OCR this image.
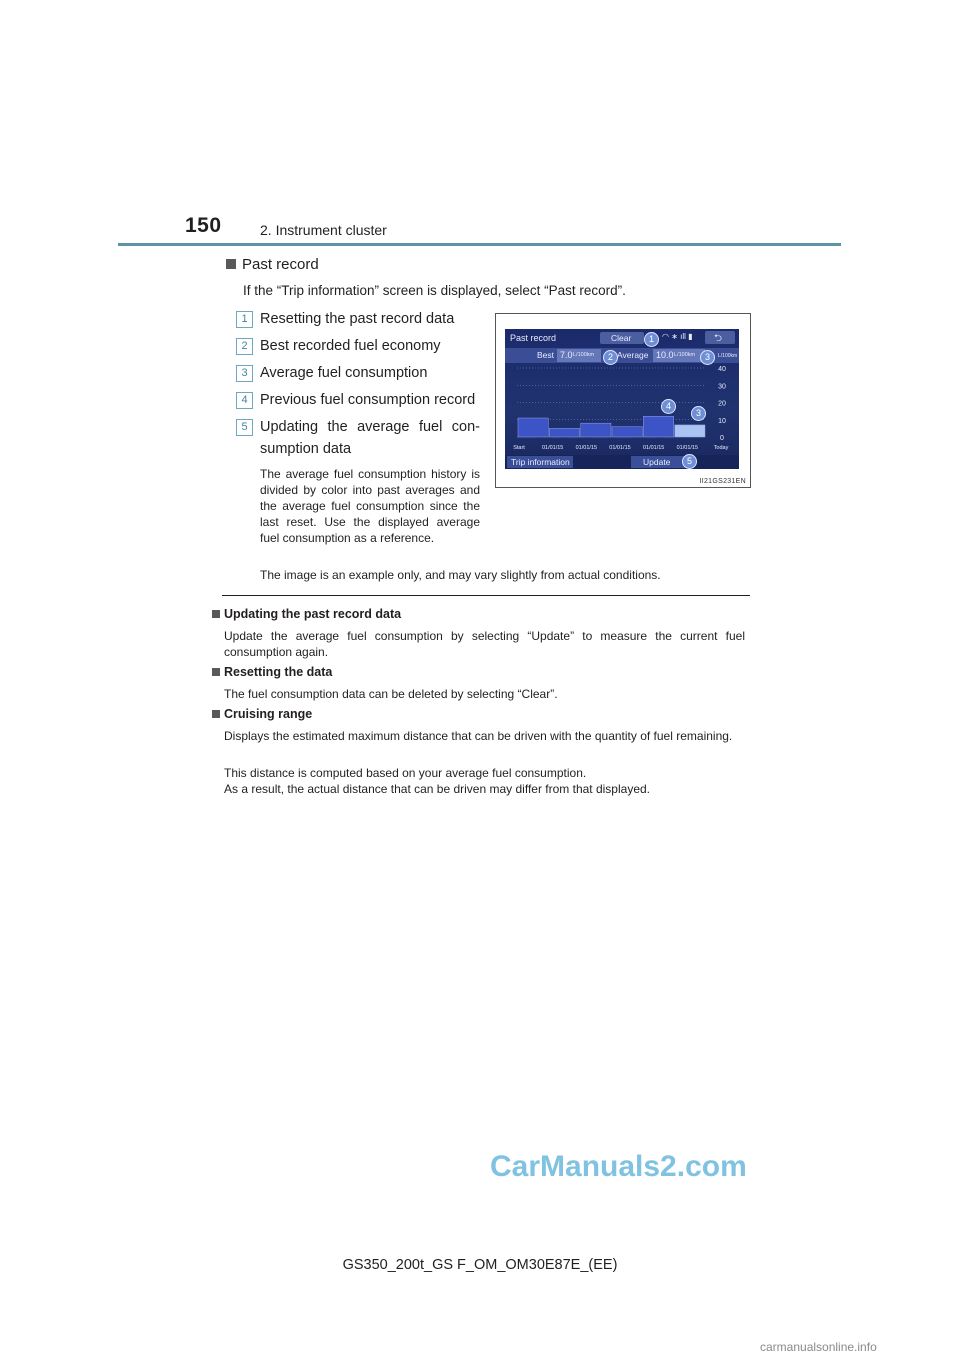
150	2. Instrument cluster
Past record
If the “Trip information” screen is displayed, select “Past record”.
1 Resetting the past record data
2 Best recorded fuel economy
3 Average fuel consumption
4 Previous fuel consumption record
5 Updating the average fuel con-
sumption data
The average fuel consumption history is divided by color into past averages and the average fuel consumption since the last reset. Use the displayed average fuel consumption as a reference.
The image is an example only, and may vary slightly from actual conditions.
Past record	Clear	1	◠ ∗ ıll ▮ ⮌
Best 7.0 L/100km	2 Average 10.0 L/100km	3	L/100km
40
30
20
10
0
Start	01/01/15 01/01/15 01/01/15 01/01/15 01/01/15	Today
4
3
Trip information	Update	5
II21GS231EN
Updating the past record data
Update the average fuel consumption by selecting “Update” to measure the current fuel consumption again.
Resetting the data
The fuel consumption data can be deleted by selecting “Clear”.
Cruising range
Displays the estimated maximum distance that can be driven with the quantity of fuel remaining.
This distance is computed based on your average fuel consumption.
As a result, the actual distance that can be driven may differ from that displayed.
CarManuals2.com
GS350_200t_GS F_OM_OM30E87E_(EE)
carmanualsonline.info
